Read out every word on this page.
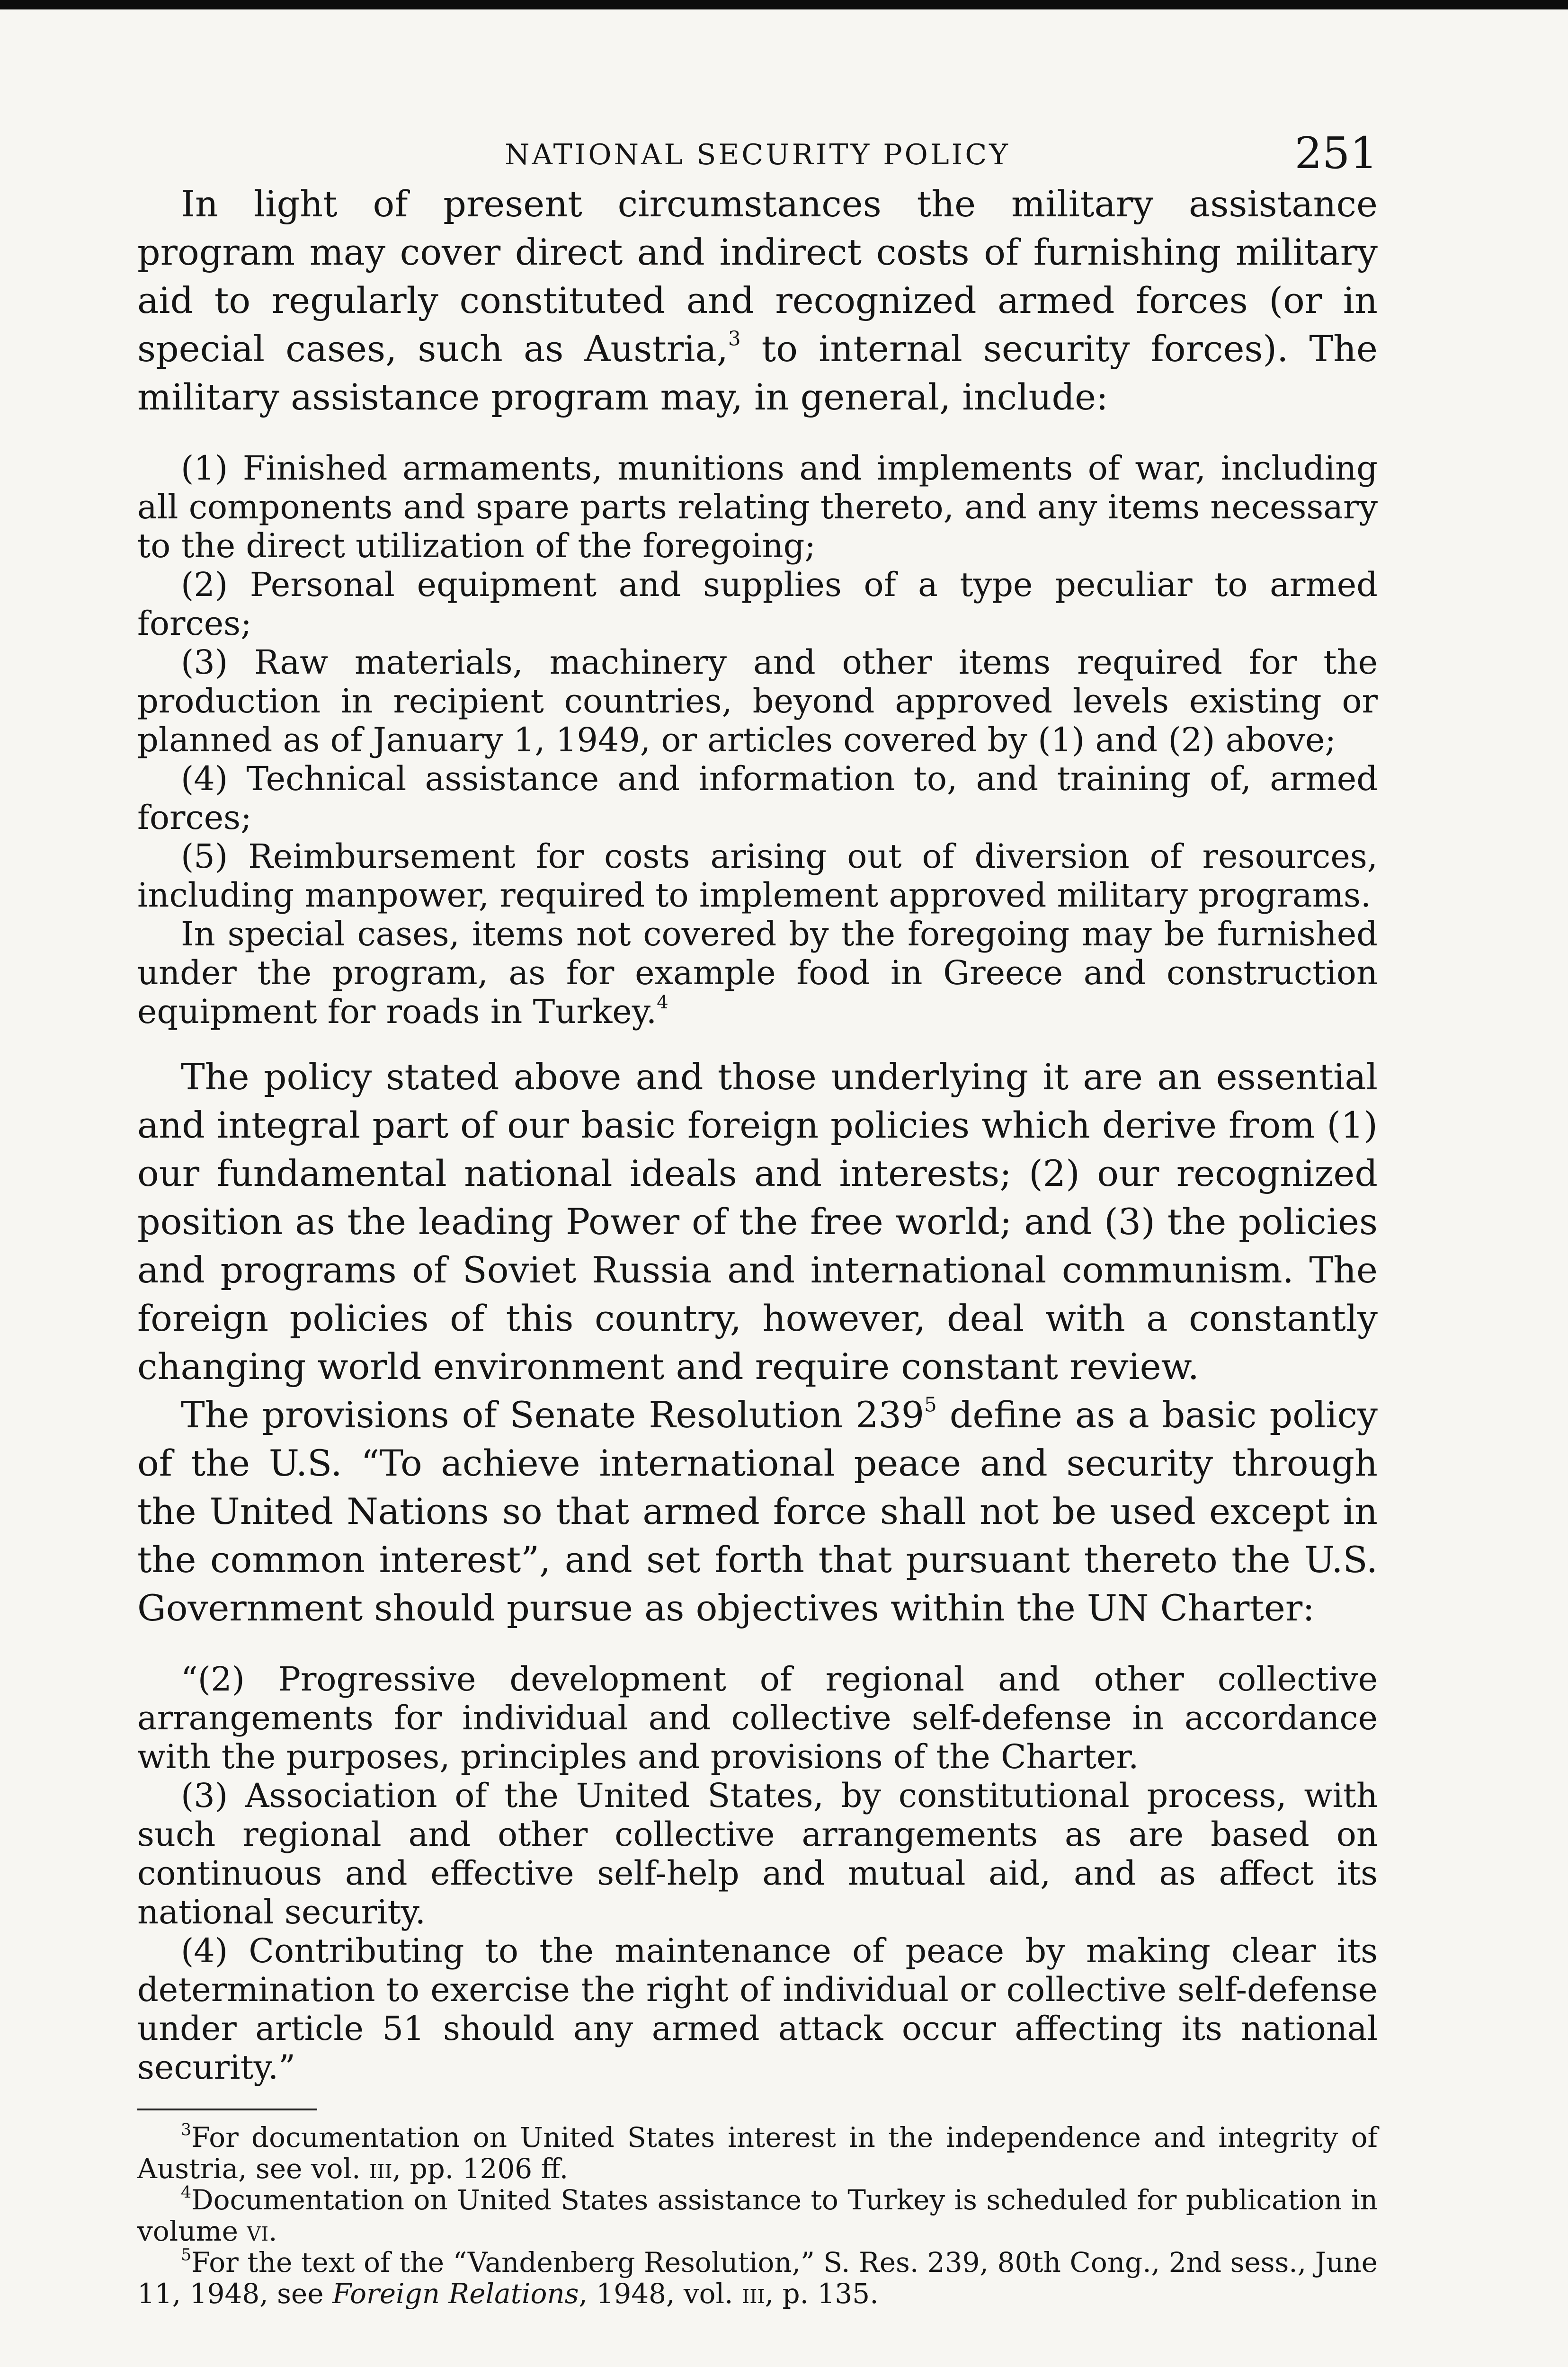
NATIONAL SECURITY POLICY	251

In light of present circumstances the military assistance program may cover direct and indirect costs of furnishing military aid to regularly constituted and recognized armed forces (or in special cases, such as Austria,$^3$ to internal security forces). The military assistance program may, in general, include:

(1) Finished armaments, munitions and implements of war, including all components and spare parts relating thereto, and any items necessary to the direct utilization of the foregoing;

(2) Personal equipment and supplies of a type peculiar to armed forces;

(3) Raw materials, machinery and other items required for the production in recipient countries, beyond approved levels existing or planned as of January 1, 1949, or articles covered by (1) and (2) above;

(4) Technical assistance and information to, and training of, armed forces;

(5) Reimbursement for costs arising out of diversion of resources, including manpower, required to implement approved military programs.

In special cases, items not covered by the foregoing may be furnished under the program, as for example food in Greece and construction equipment for roads in Turkey.$^4$

The policy stated above and those underlying it are an essential and integral part of our basic foreign policies which derive from (1) our fundamental national ideals and interests; (2) our recognized position as the leading Power of the free world; and (3) the policies and programs of Soviet Russia and international communism. The foreign policies of this country, however, deal with a constantly changing world environment and require constant review.

The provisions of Senate Resolution $239^5$ define as a basic policy of the U.S. “To achieve international peace and security through the United Nations so that armed force shall not be used except in the common interest”, and set forth that pursuant thereto the U.S. Government should pursue as objectives within the UN Charter:

“(2) Progressive development of regional and other collective arrangements for individual and collective self-defense in accordance with the purposes, principles and provisions of the Charter.

(3) Association of the United States, by constitutional process, with such regional and other collective arrangements as are based on continuous and effective self-help and mutual aid, and as affect its national security.

(4) Contributing to the maintenance of peace by making clear its determination to exercise the right of individual or collective self-defense under article 51 should any armed attack occur affecting its national security.”

$^3$For documentation on United States interest in the independence and integrity of Austria, see vol. iii, pp. 1206 ff.

$^4$Documentation on United States assistance to Turkey is scheduled for publication in volume vi.

$^5$For the text of the “Vandenberg Resolution,” S. Res. 239, 80th Cong., 2nd sess., June 11, 1948, see Foreign Relations, 1948, vol. iii, p. 135.
